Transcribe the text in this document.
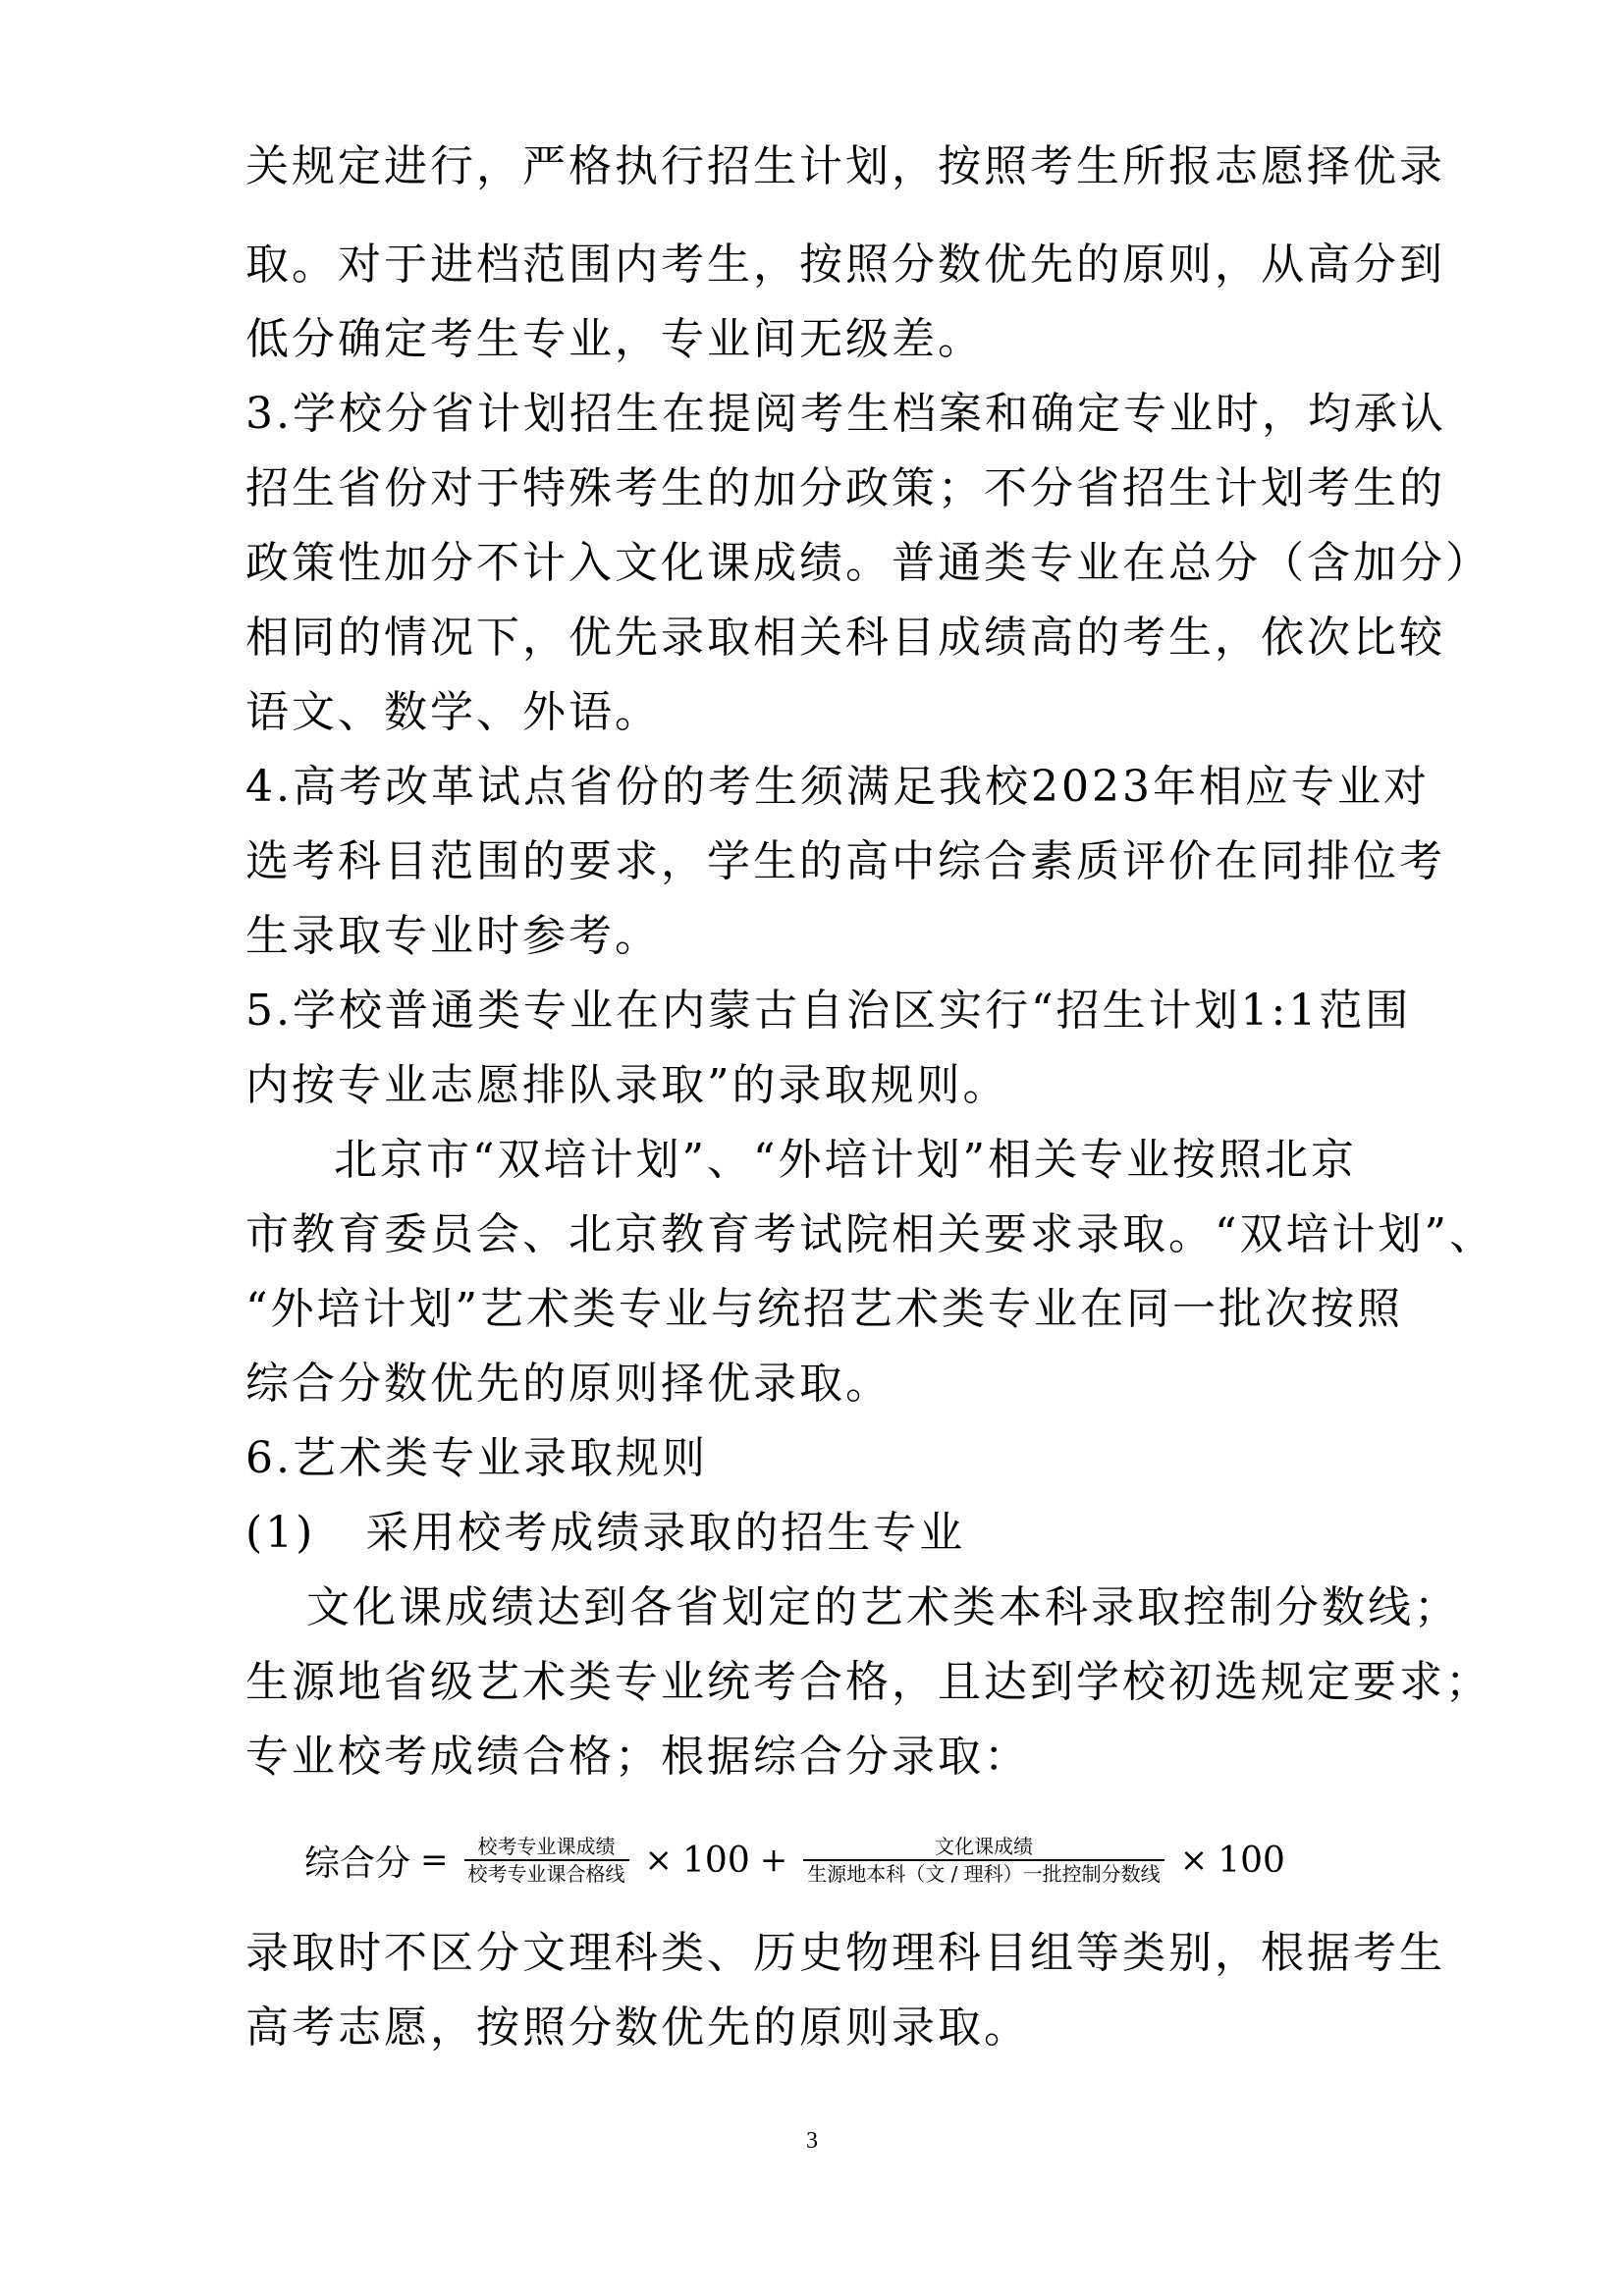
关规定进行，严格执行招生计划，按照考生所报志愿择优录
取。对于进档范围内考生，按照分数优先的原则，从高分到
低分确定考生专业，专业间无级差。
3.学校分省计划招生在提阅考生档案和确定专业时，均承认
招生省份对于特殊考生的加分政策；不分省招生计划考生的
政策性加分不计入文化课成绩。普通类专业在总分（含加分）
相同的情况下，优先录取相关科目成绩高的考生，依次比较
语文、数学、外语。
4.高考改革试点省份的考生须满足我校2023年相应专业对
选考科目范围的要求，学生的高中综合素质评价在同排位考
生录取专业时参考。
5.学校普通类专业在内蒙古自治区实行“招生计划1:1范围
内按专业志愿排队录取”的录取规则。
北京市“双培计划”、“外培计划”相关专业按照北京
市教育委员会、北京教育考试院相关要求录取。“双培计划”、
“外培计划”艺术类专业与统招艺术类专业在同一批次按照
综合分数优先的原则择优录取。
6.艺术类专业录取规则
(1)   采用校考成绩录取的招生专业
文化课成绩达到各省划定的艺术类本科录取控制分数线；
生源地省级艺术类专业统考合格，且达到学校初选规定要求；
专业校考成绩合格；根据综合分录取：
综合分 = $\frac{\text{校考专业课成绩}}{\text{校考专业课合格线}} \times 100 + \frac{\text{文化课成绩}}{\text{生源地本科（文 / 理科）一批控制分数线}} \times 100$
录取时不区分文理科类、历史物理科目组等类别，根据考生
高考志愿，按照分数优先的原则录取。
3
